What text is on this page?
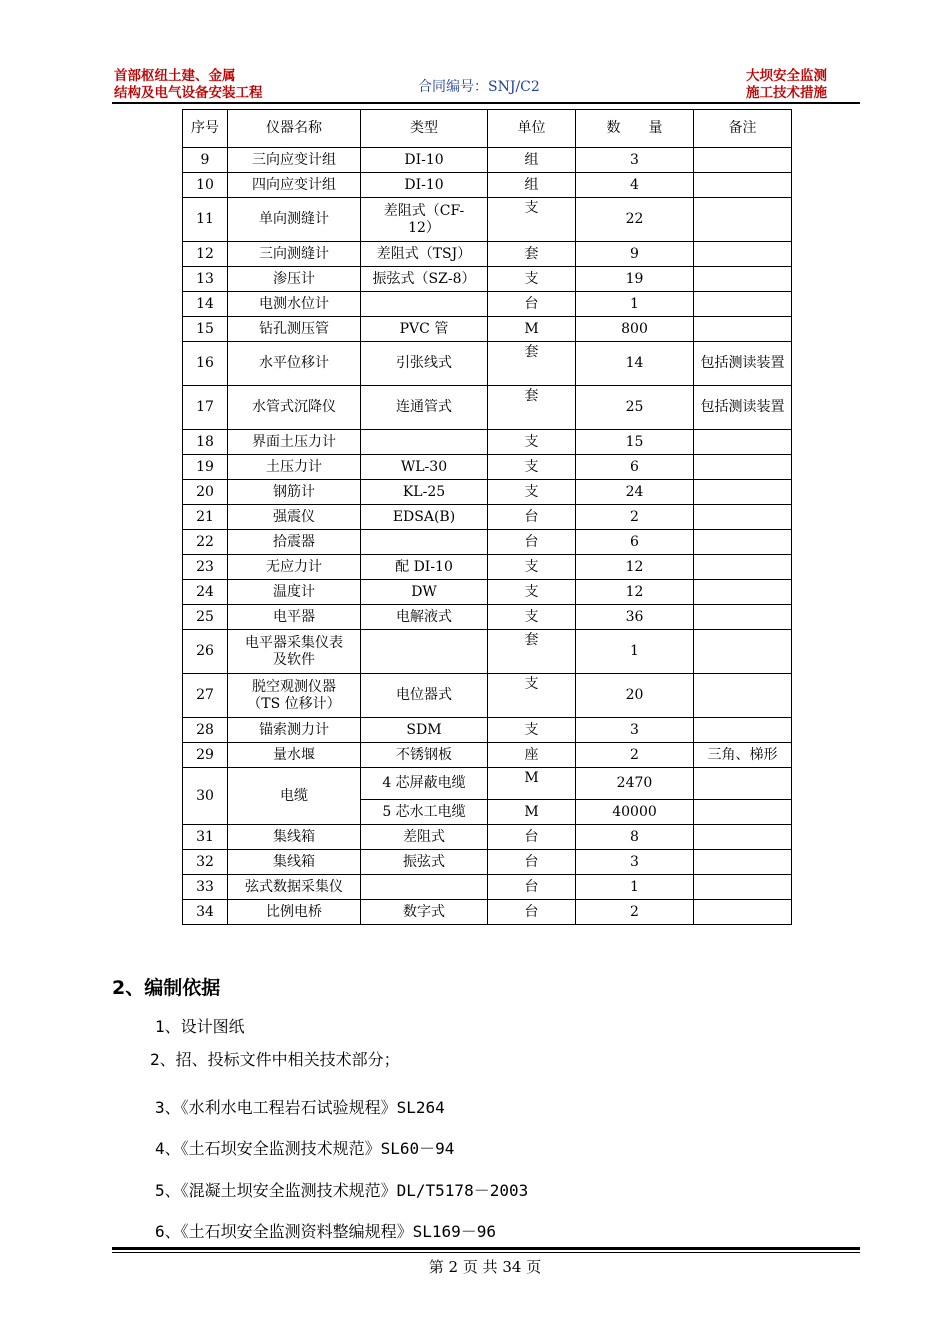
首部枢纽土建、金属
结构及电气设备安装工程	合同编号：SNJ/C2
大坝安全监测
施工技术措施
序号	仪器名称	类型	单位	数　　量	备注
9	三向应变计组	DI-10	组	3	
10	四向应变计组	DI-10	组	4	
11	单向测缝计	差阻式（CF-12）	支	22	
12	三向测缝计	差阻式（TSJ）	套	9	
13	渗压计	振弦式（SZ-8）	支	19	
14	电测水位计		台	1	
15	钻孔测压管	PVC 管	M	800	
16	水平位移计	引张线式	套	14	包括测读装置
17	水管式沉降仪	连通管式	套	25	包括测读装置
18	界面土压力计		支	15	
19	土压力计	WL-30	支	6	
20	钢筋计	KL-25	支	24	
21	强震仪	EDSA(B)	台	2	
22	拾震器		台	6	
23	无应力计	配 DI-10	支	12	
24	温度计	DW	支	12	
25	电平器	电解液式	支	36	
26	电平器采集仪表及软件		套	1	
27	脱空观测仪器（TS 位移计）	电位器式	支	20	
28	锚索测力计	SDM	支	3	
29	量水堰	不锈钢板	座	2	三角、梯形
30	电缆	4 芯屏蔽电缆	M	2470	
		5 芯水工电缆	M	40000	
31	集线箱	差阻式	台	8	
32	集线箱	振弦式	台	3	
33	弦式数据采集仪		台	1	
34	比例电桥	数字式	台	2	
2、编制依据
1、设计图纸
2、招、投标文件中相关技术部分；
3、《水利水电工程岩石试验规程》SL264
4、《土石坝安全监测技术规范》SL60－94
5、《混凝土坝安全监测技术规范》DL/T5178－2003
6、《土石坝安全监测资料整编规程》SL169－96
第 2 页 共 34 页
